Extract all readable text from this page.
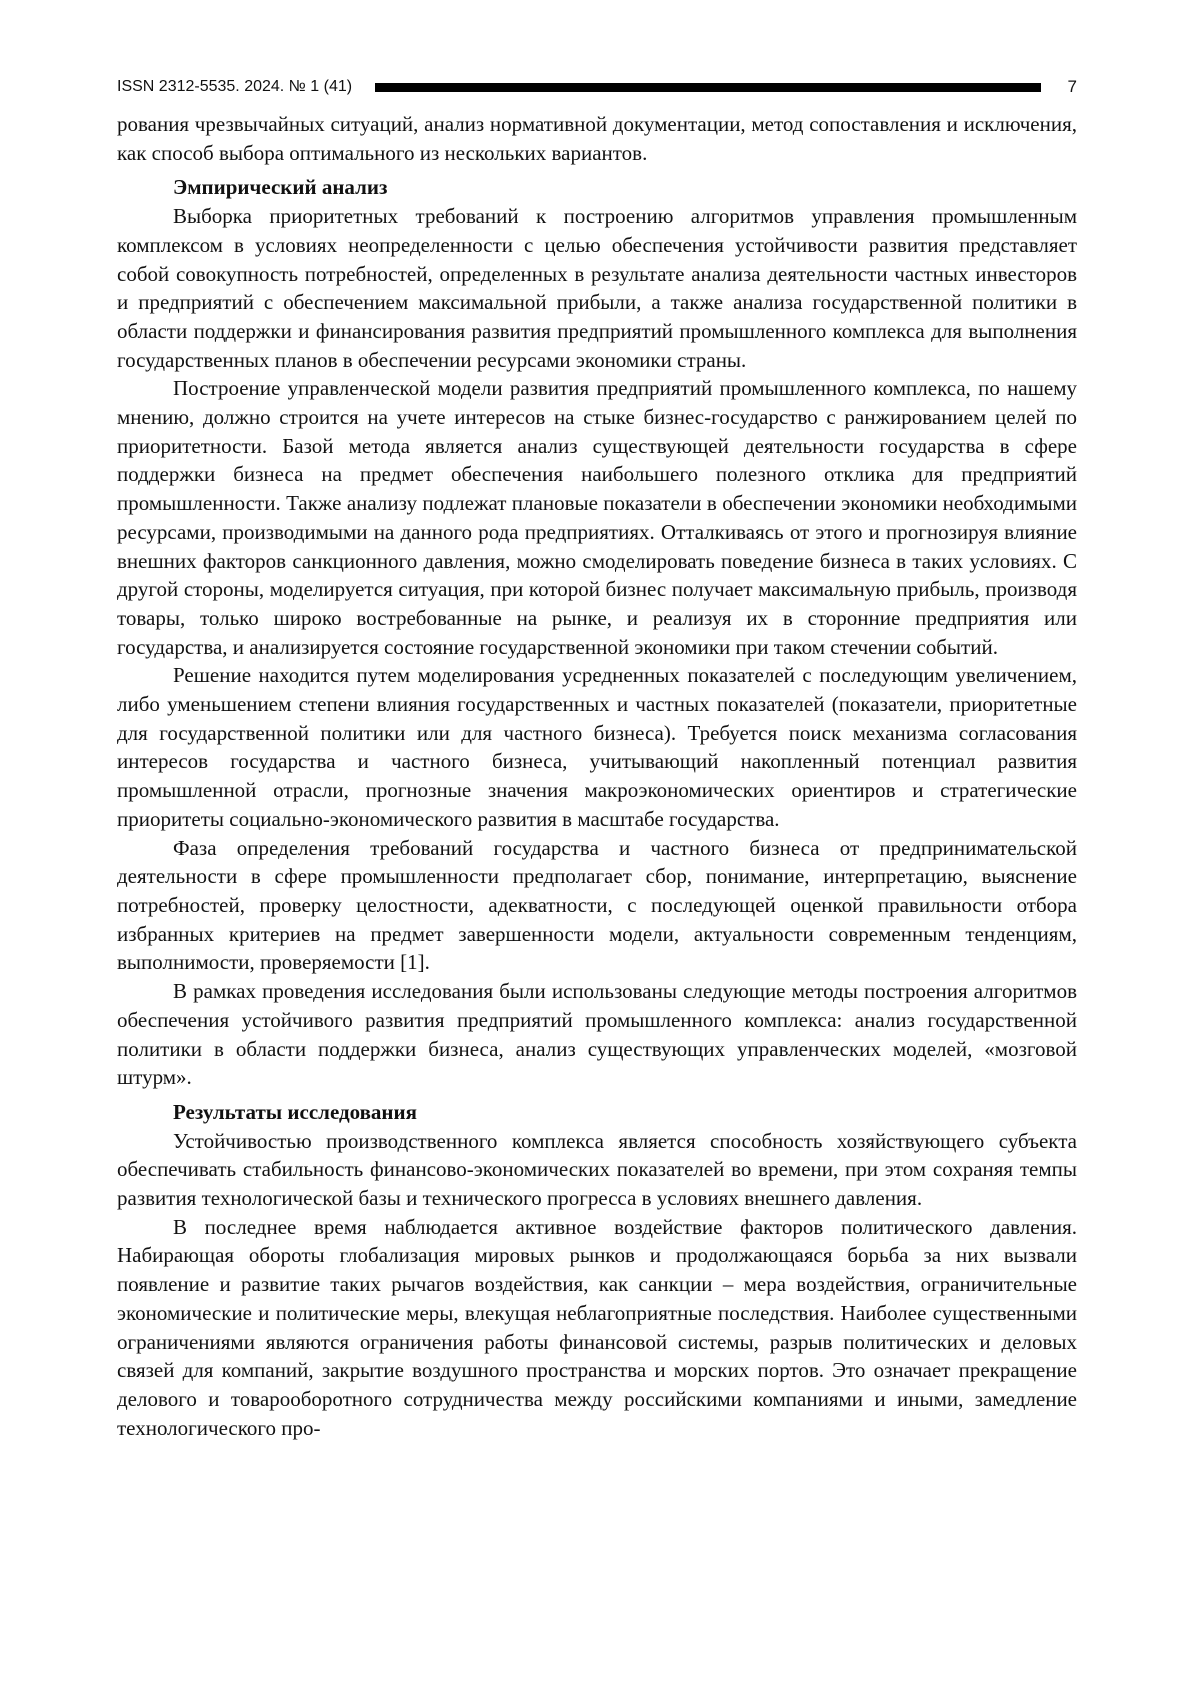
ISSN 2312-5535. 2024. № 1 (41)	7

рования чрезвычайных ситуаций, анализ нормативной документации, метод сопоставления и исключения, как способ выбора оптимального из нескольких вариантов.

Эмпирический анализ

Выборка приоритетных требований к построению алгоритмов управления промышленным комплексом в условиях неопределенности с целью обеспечения устойчивости развития представляет собой совокупность потребностей, определенных в результате анализа деятельности частных инвесторов и предприятий с обеспечением максимальной прибыли, а также анализа государственной политики в области поддержки и финансирования развития предприятий промышленного комплекса для выполнения государственных планов в обеспечении ресурсами экономики страны.

Построение управленческой модели развития предприятий промышленного комплекса, по нашему мнению, должно строится на учете интересов на стыке бизнес-государство с ранжированием целей по приоритетности. Базой метода является анализ существующей деятельности государства в сфере поддержки бизнеса на предмет обеспечения наибольшего полезного отклика для предприятий промышленности. Также анализу подлежат плановые показатели в обеспечении экономики необходимыми ресурсами, производимыми на данного рода предприятиях. Отталкиваясь от этого и прогнозируя влияние внешних факторов санкционного давления, можно смоделировать поведение бизнеса в таких условиях. С другой стороны, моделируется ситуация, при которой бизнес получает максимальную прибыль, производя товары, только широко востребованные на рынке, и реализуя их в сторонние предприятия или государства, и анализируется состояние государственной экономики при таком стечении событий.

Решение находится путем моделирования усредненных показателей с последующим увеличением, либо уменьшением степени влияния государственных и частных показателей (показатели, приоритетные для государственной политики или для частного бизнеса). Требуется поиск механизма согласования интересов государства и частного бизнеса, учитывающий накопленный потенциал развития промышленной отрасли, прогнозные значения макроэкономических ориентиров и стратегические приоритеты социально-экономического развития в масштабе государства.

Фаза определения требований государства и частного бизнеса от предпринимательской деятельности в сфере промышленности предполагает сбор, понимание, интерпретацию, выяснение потребностей, проверку целостности, адекватности, с последующей оценкой правильности отбора избранных критериев на предмет завершенности модели, актуальности современным тенденциям, выполнимости, проверяемости [1].

В рамках проведения исследования были использованы следующие методы построения алгоритмов обеспечения устойчивого развития предприятий промышленного комплекса: анализ государственной политики в области поддержки бизнеса, анализ существующих управленческих моделей, «мозговой штурм».

Результаты исследования

Устойчивостью производственного комплекса является способность хозяйствующего субъекта обеспечивать стабильность финансово-экономических показателей во времени, при этом сохраняя темпы развития технологической базы и технического прогресса в условиях внешнего давления.

В последнее время наблюдается активное воздействие факторов политического давления. Набирающая обороты глобализация мировых рынков и продолжающаяся борьба за них вызвали появление и развитие таких рычагов воздействия, как санкции – мера воздействия, ограничительные экономические и политические меры, влекущая неблагоприятные последствия. Наиболее существенными ограничениями являются ограничения работы финансовой системы, разрыв политических и деловых связей для компаний, закрытие воздушного пространства и морских портов. Это означает прекращение делового и товарооборотного сотрудничества между российскими компаниями и иными, замедление технологического про-
